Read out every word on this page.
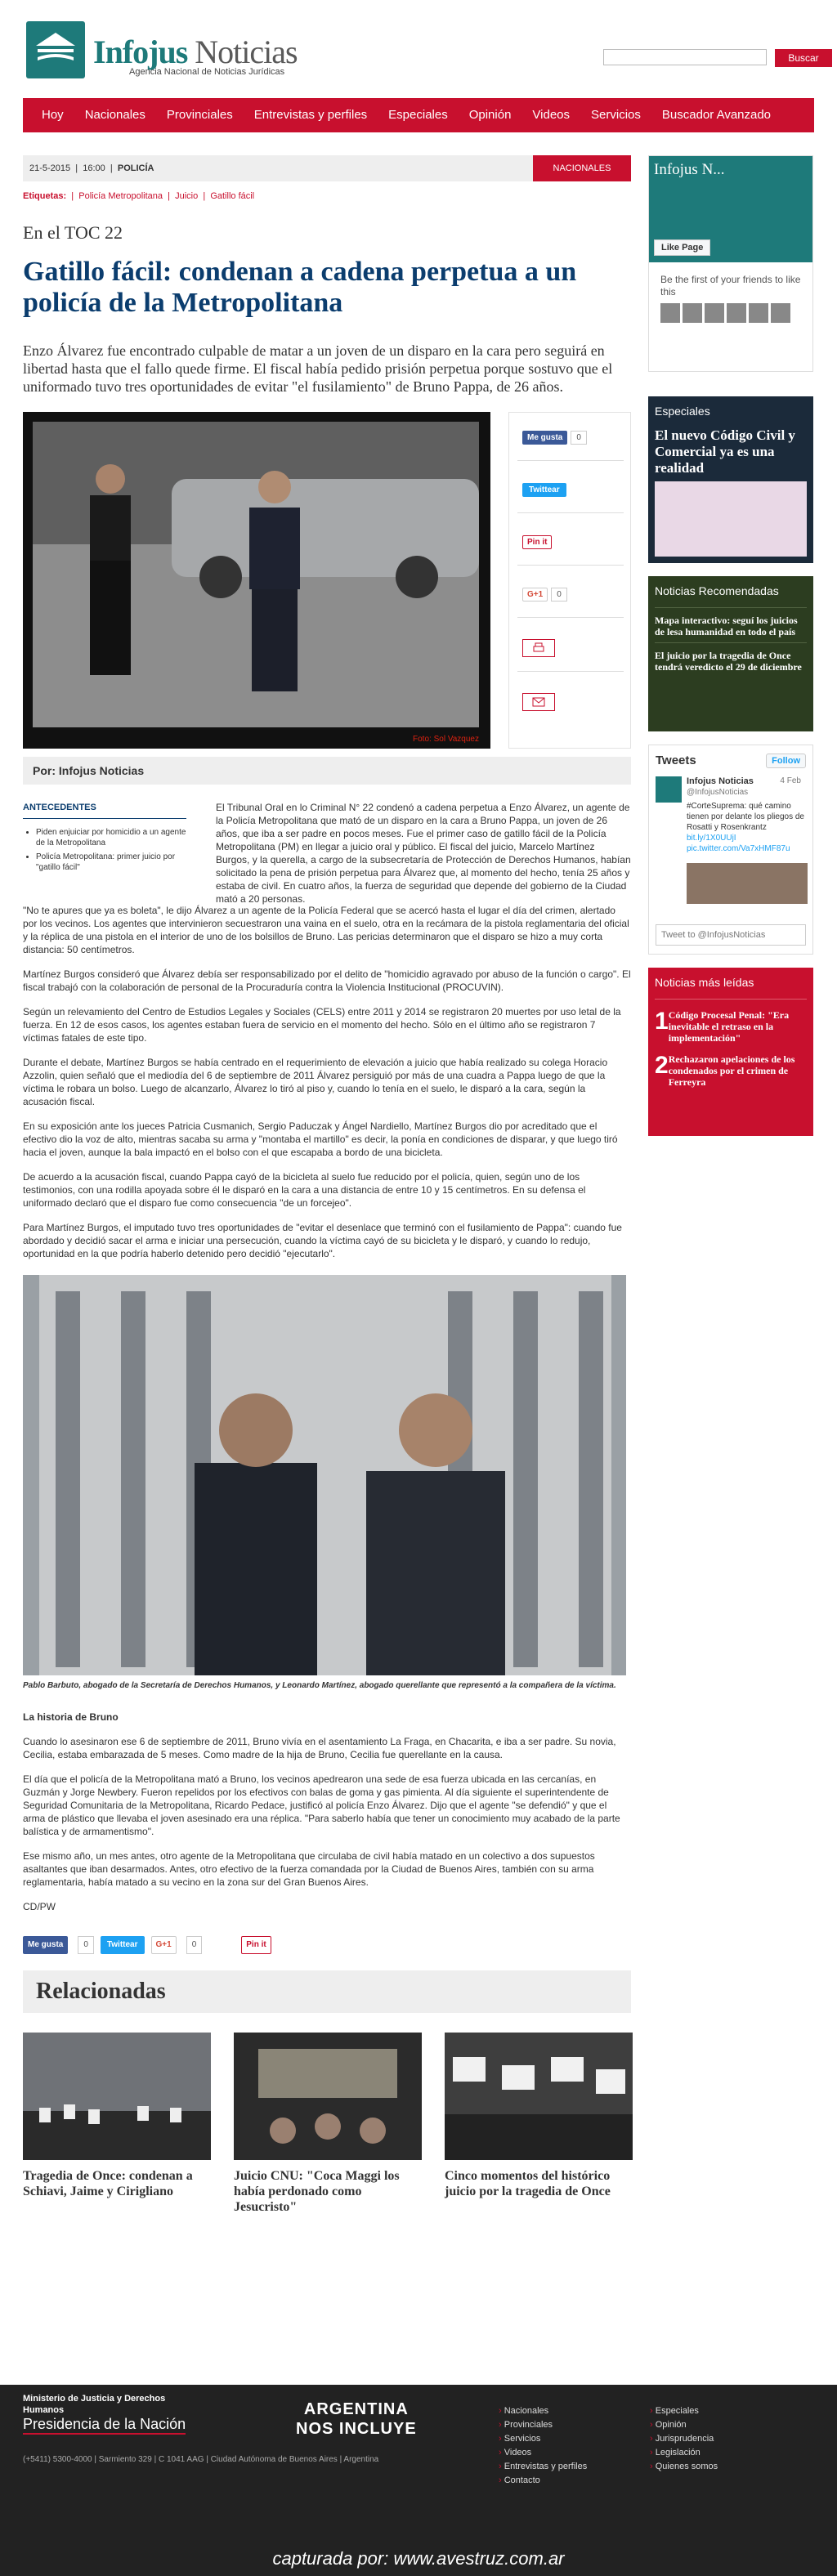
Infojus Noticias
Agencia Nacional de Noticias Jurídicas
Buscar
Hoy	Nacionales	Provinciales	Entrevistas y perfiles	Especiales	Opinión	Videos	Servicios	Buscador Avanzado
21-5-2015  |  16:00  |  POLICÍA	NACIONALES
Etiquetas:  |  Policía Metropolitana  |  Juicio  |  Gatillo fácil
En el TOC 22
Gatillo fácil: condenan a cadena perpetua a un policía de la Metropolitana

Enzo Álvarez fue encontrado culpable de matar a un joven de un disparo en la cara pero seguirá en libertad hasta que el fallo quede firme. El fiscal había pedido prisión perpetua porque sostuvo que el uniformado tuvo tres oportunidades de evitar "el fusilamiento" de Bruno Pappa, de 26 años.

Foto: Sol Vazquez
Me gusta	0
Twittear
Pin it
G+1	0
Por: Infojus Noticias
ANTECEDENTES
• Piden enjuiciar por homicidio a un agente de la Metropolitana
• Policía Metropolitana: primer juicio por "gatillo fácil"

El Tribunal Oral en lo Criminal N° 22 condenó a cadena perpetua a Enzo Álvarez, un agente de la Policía Metropolitana que mató de un disparo en la cara a Bruno Pappa, un joven de 26 años, que iba a ser padre en pocos meses. Fue el primer caso de gatillo fácil de la Policía Metropolitana (PM) en llegar a juicio oral y público. El fiscal del juicio, Marcelo Martínez Burgos, y la querella, a cargo de la subsecretaría de Protección de Derechos Humanos, habían solicitado la pena de prisión perpetua para Álvarez que, al momento del hecho, tenía 25 años y estaba de civil. En cuatro años, la fuerza de seguridad que depende del gobierno de la Ciudad mató a 20 personas.

"No te apures que ya es boleta", le dijo Álvarez a un agente de la Policía Federal que se acercó hasta el lugar el día del crimen, alertado por los vecinos. Los agentes que intervinieron secuestraron una vaina en el suelo, otra en la recámara de la pistola reglamentaria del oficial y la réplica de una pistola en el interior de uno de los bolsillos de Bruno. Las pericias determinaron que el disparo se hizo a muy corta distancia: 50 centímetros.

Martínez Burgos consideró que Álvarez debía ser responsabilizado por el delito de "homicidio agravado por abuso de la función o cargo". El fiscal trabajó con la colaboración de personal de la Procuraduría contra la Violencia Institucional (PROCUVIN).

Según un relevamiento del Centro de Estudios Legales y Sociales (CELS) entre 2011 y 2014 se registraron 20 muertes por uso letal de la fuerza. En 12 de esos casos, los agentes estaban fuera de servicio en el momento del hecho. Sólo en el último año se registraron 7 víctimas fatales de este tipo.

Durante el debate, Martínez Burgos se había centrado en el requerimiento de elevación a juicio que había realizado su colega Horacio Azzolin, quien señaló que el mediodía del 6 de septiembre de 2011 Álvarez persiguió por más de una cuadra a Pappa luego de que la víctima le robara un bolso. Luego de alcanzarlo, Álvarez lo tiró al piso y, cuando lo tenía en el suelo, le disparó a la cara, según la acusación fiscal.

En su exposición ante los jueces Patricia Cusmanich, Sergio Paduczak y Ángel Nardiello, Martínez Burgos dio por acreditado que el efectivo dio la voz de alto, mientras sacaba su arma y "montaba el martillo" es decir, la ponía en condiciones de disparar, y que luego tiró hacia el joven, aunque la bala impactó en el bolso con el que escapaba a bordo de una bicicleta.

De acuerdo a la acusación fiscal, cuando Pappa cayó de la bicicleta al suelo fue reducido por el policía, quien, según uno de los testimonios, con una rodilla apoyada sobre él le disparó en la cara a una distancia de entre 10 y 15 centímetros. En su defensa el uniformado declaró que el disparo fue como consecuencia "de un forcejeo".

Para Martínez Burgos, el imputado tuvo tres oportunidades de "evitar el desenlace que terminó con el fusilamiento de Pappa": cuando fue abordado y decidió sacar el arma e iniciar una persecución, cuando la víctima cayó de su bicicleta y le disparó, y cuando lo redujo, oportunidad en la que podría haberlo detenido pero decidió "ejecutarlo".

Pablo Barbuto, abogado de la Secretaría de Derechos Humanos, y Leonardo Martínez, abogado querellante que representó a la compañera de la víctima.

La historia de Bruno

Cuando lo asesinaron ese 6 de septiembre de 2011, Bruno vivía en el asentamiento La Fraga, en Chacarita, e iba a ser padre. Su novia, Cecilia, estaba embarazada de 5 meses. Como madre de la hija de Bruno, Cecilia fue querellante en la causa.

El día que el policía de la Metropolitana mató a Bruno, los vecinos apedrearon una sede de esa fuerza ubicada en las cercanías, en Guzmán y Jorge Newbery. Fueron repelidos por los efectivos con balas de goma y gas pimienta. Al día siguiente el superintendente de Seguridad Comunitaria de la Metropolitana, Ricardo Pedace, justificó al policía Enzo Álvarez. Dijo que el agente "se defendió" y que el arma de plástico que llevaba el joven asesinado era una réplica. "Para saberlo había que tener un conocimiento muy acabado de la parte balística y de armamentismo".

Ese mismo año, un mes antes, otro agente de la Metropolitana que circulaba de civil había matado en un colectivo a dos supuestos asaltantes que iban desarmados. Antes, otro efectivo de la fuerza comandada por la Ciudad de Buenos Aires, también con su arma reglamentaria, había matado a su vecino en la zona sur del Gran Buenos Aires.

CD/PW

Me gusta	0	Twittear	G+1	0	Pin it
Relacionadas
Tragedia de Once: condenan a Schiavi, Jaime y Cirigliano
Juicio CNU: "Coca Maggi los había perdonado como Jesucristo"
Cinco momentos del histórico juicio por la tragedia de Once
Infojus N...
Like Page
Be the first of your friends to like this
Especiales
El nuevo Código Civil y Comercial ya es una realidad
Noticias Recomendadas
Mapa interactivo: seguí los juicios de lesa humanidad en todo el país
El juicio por la tragedia de Once tendrá veredicto el 29 de diciembre
Tweets	Follow
Infojus Noticias	4 Feb
@InfojusNoticias
#CorteSuprema: qué camino tienen por delante los pliegos de Rosatti y Rosenkrantz bit.ly/1X0UUjI pic.twitter.com/Va7xHMF87u
Tweet to @InfojusNoticias
Noticias más leídas
1 Código Procesal Penal: "Era inevitable el retraso en la implementación"
2 Rechazaron apelaciones de los condenados por el crimen de Ferreyra
Ministerio de Justicia y Derechos Humanos
Presidencia de la Nación
(+5411) 5300-4000 | Sarmiento 329 | C 1041 AAG | Ciudad Autónoma de Buenos Aires | Argentina
ARGENTINA
NOS INCLUYE
› Nacionales
› Provinciales
› Servicios
› Videos
› Entrevistas y perfiles
› Contacto
› Especiales
› Opinión
› Jurisprudencia
› Legislación
› Quienes somos
capturada por: www.avestruz.com.ar
